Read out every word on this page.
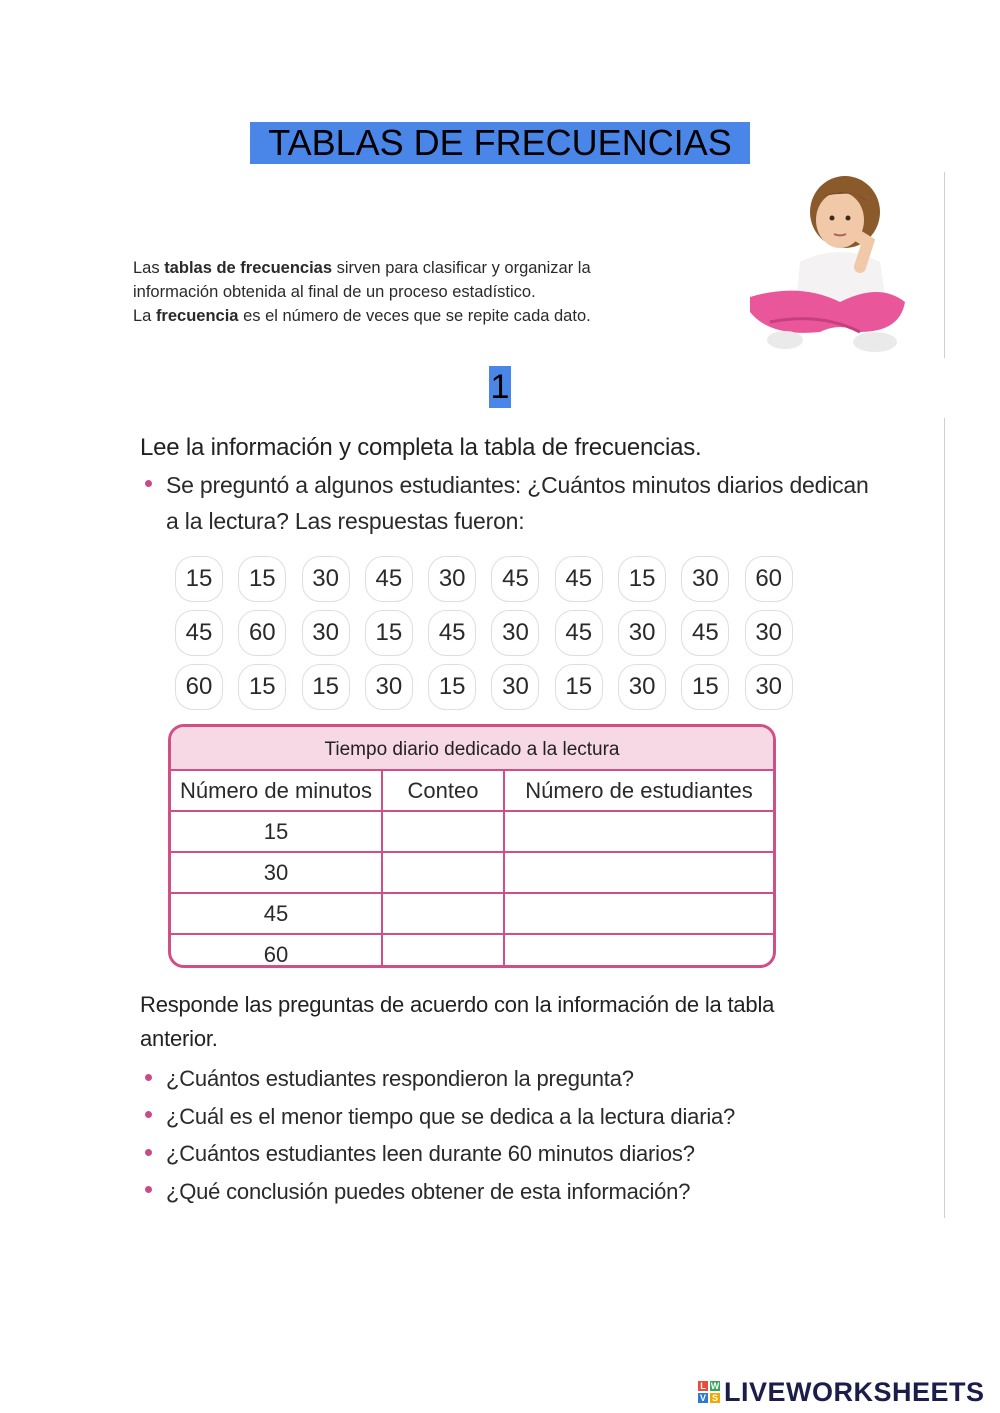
TABLAS DE FRECUENCIAS

Las tablas de frecuencias sirven para clasificar y organizar la

información obtenida al final de un proceso estadístico.

La frecuencia es el número de veces que se repite cada dato.

1
Lee la información y completa la tabla de frecuencias.
Se preguntó a algunos estudiantes: ¿Cuántos minutos diarios dedican
a la lectura? Las respuestas fueron:
15	15	30	45	30	45	45	15	30	60
45	60	30	15	45	30	45	30	45	30
60	15	15	30	15	30	15	30	15	30
Tiempo diario dedicado a la lectura
Número de minutos	Conteo	Número de estudiantes
15
30
45
60
Responde las preguntas de acuerdo con la información de la tabla
anterior.
¿Cuántos estudiantes respondieron la pregunta?
¿Cuál es el menor tiempo que se dedica a la lectura diaria?
¿Cuántos estudiantes leen durante 60 minutos diarios?
¿Qué conclusión puedes obtener de esta información?
L W
V S LIVEWORKSHEETS
